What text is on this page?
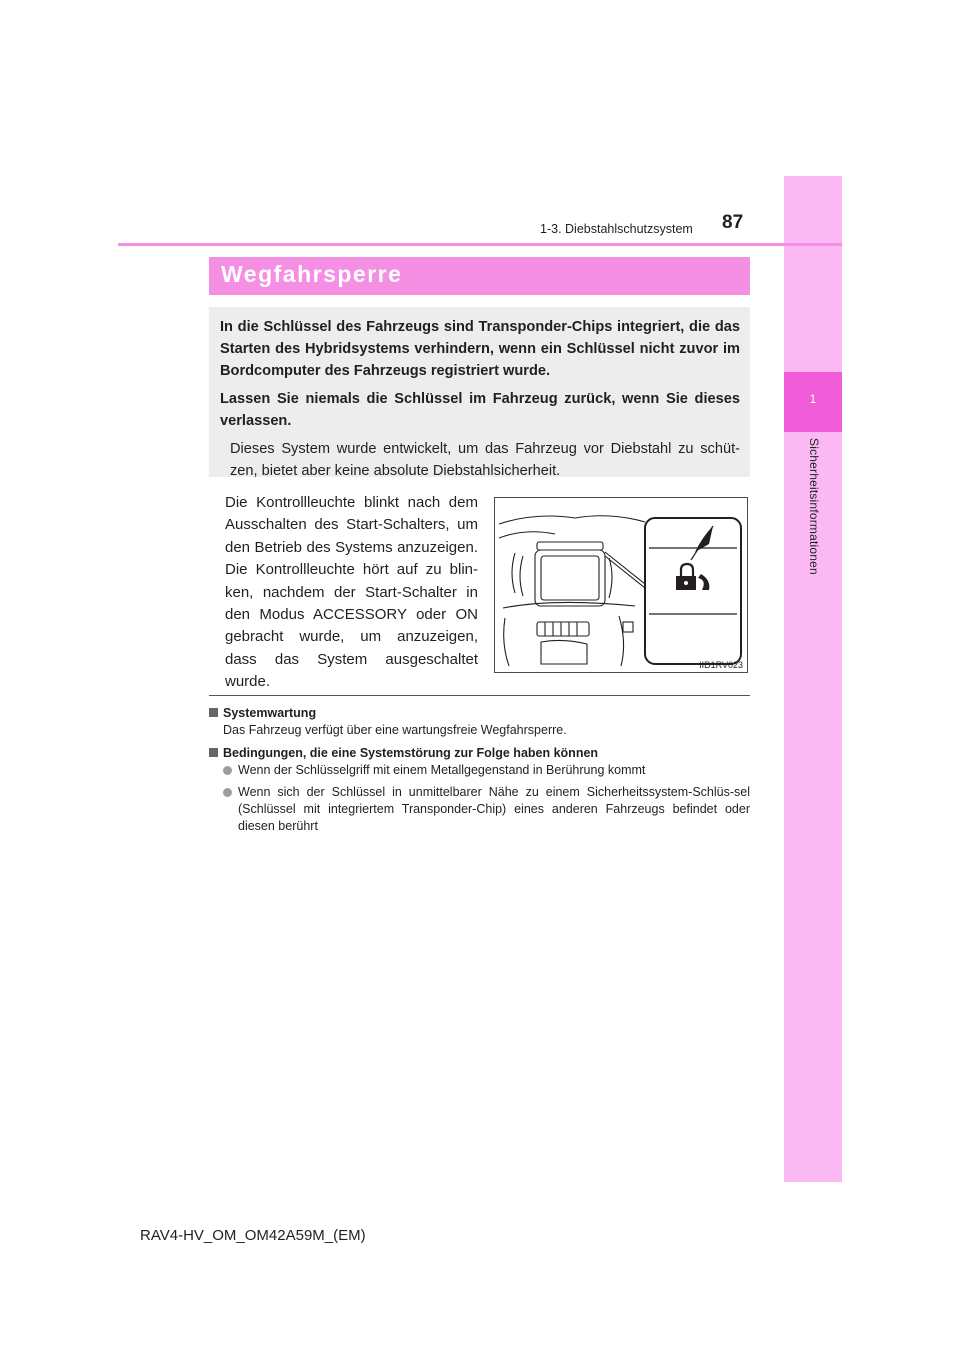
1
Sicherheitsinformationen
1-3. Diebstahlschutzsystem 87
Wegfahrsperre

In die Schlüssel des Fahrzeugs sind Transponder-Chips integriert, die das Starten des Hybridsystems verhindern, wenn ein Schlüssel nicht zuvor im Bordcomputer des Fahrzeugs registriert wurde.

Lassen Sie niemals die Schlüssel im Fahrzeug zurück, wenn Sie dieses verlassen.

Dieses System wurde entwickelt, um das Fahrzeug vor Diebstahl zu schüt-zen, bietet aber keine absolute Diebstahlsicherheit.

Die Kontrollleuchte blinkt nach dem Ausschalten des Start-Schalters, um den Betrieb des Systems anzuzeigen. Die Kontrollleuchte hört auf zu blin-ken, nachdem der Start-Schalter in den Modus ACCESSORY oder ON gebracht wurde, um anzuzeigen, dass das System ausgeschaltet wurde.

IID1RV023

Systemwartung

Das Fahrzeug verfügt über eine wartungsfreie Wegfahrsperre.

Bedingungen, die eine Systemstörung zur Folge haben können

Wenn der Schlüsselgriff mit einem Metallgegenstand in Berührung kommt
Wenn sich der Schlüssel in unmittelbarer Nähe zu einem Sicherheitssystem-Schlüs-sel (Schlüssel mit integriertem Transponder-Chip) eines anderen Fahrzeugs befindet oder diesen berührt
RAV4-HV_OM_OM42A59M_(EM)
